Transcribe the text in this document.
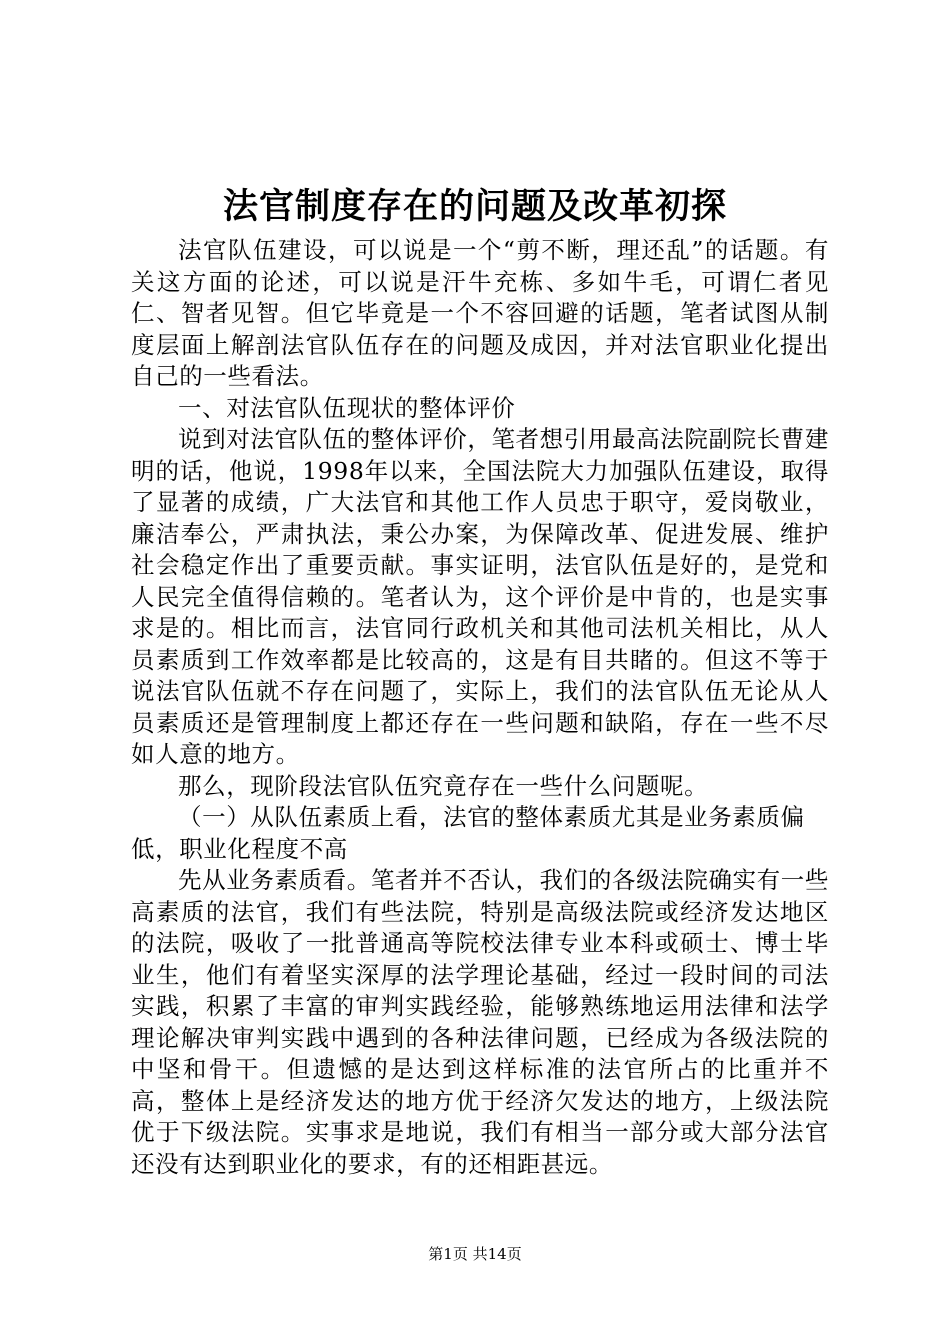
法官制度存在的问题及改革初探

法官队伍建设，可以说是一个“剪不断，理还乱”的话题。有关这方面的论述，可以说是汗牛充栋、多如牛毛，可谓仁者见仁、智者见智。但它毕竟是一个不容回避的话题，笔者试图从制度层面上解剖法官队伍存在的问题及成因，并对法官职业化提出自己的一些看法。

一、对法官队伍现状的整体评价

说到对法官队伍的整体评价，笔者想引用最高法院副院长曹建明的话，他说，1998年以来，全国法院大力加强队伍建设，取得了显著的成绩，广大法官和其他工作人员忠于职守，爱岗敬业，廉洁奉公，严肃执法，秉公办案，为保障改革、促进发展、维护社会稳定作出了重要贡献。事实证明，法官队伍是好的，是党和人民完全值得信赖的。笔者认为，这个评价是中肯的，也是实事求是的。相比而言，法官同行政机关和其他司法机关相比，从人员素质到工作效率都是比较高的，这是有目共睹的。但这不等于说法官队伍就不存在问题了，实际上，我们的法官队伍无论从人员素质还是管理制度上都还存在一些问题和缺陷，存在一些不尽如人意的地方。

那么，现阶段法官队伍究竟存在一些什么问题呢。

（一）从队伍素质上看，法官的整体素质尤其是业务素质偏低，职业化程度不高

先从业务素质看。笔者并不否认，我们的各级法院确实有一些高素质的法官，我们有些法院，特别是高级法院或经济发达地区的法院，吸收了一批普通高等院校法律专业本科或硕士、博士毕业生，他们有着坚实深厚的法学理论基础，经过一段时间的司法实践，积累了丰富的审判实践经验，能够熟练地运用法律和法学理论解决审判实践中遇到的各种法律问题，已经成为各级法院的中坚和骨干。但遗憾的是达到这样标准的法官所占的比重并不高，整体上是经济发达的地方优于经济欠发达的地方，上级法院优于下级法院。实事求是地说，我们有相当一部分或大部分法官还没有达到职业化的要求，有的还相距甚远。

第1页 共14页
